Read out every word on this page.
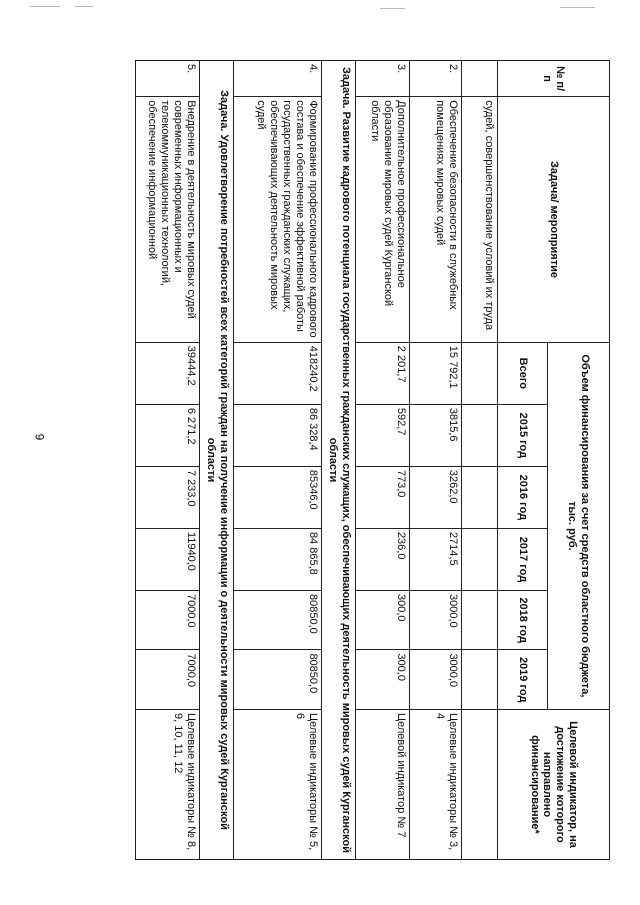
9
№ п/п	Задача/ мероприятие	Объем финансирования за счет средств областного бюджета, тыс. руб.						Целевой индикатор, на достижение которого направлено финансирование*
		Всего	2015 год	2016 год	2017 год	2018 год	2019 год	
	судей, совершенствование условий их труда							
2.	Обеспечение безопасности в служебных помещениях мировых судей	15 792,1	3815,6	3262,0	2714,5	3000,0	3000,0	Целевые индикаторы № 3, 4
3.	Дополнительное профессиональное образование мировых судей Курганской области	2 201,7	592,7	773,0	236,0	300,0	300,0	Целевой индикатор № 7
Задача. Развитие кадрового потенциала государственных гражданских служащих, обеспечивающих деятельность мировых судей Курганской области								
4.	Формирование профессионального кадрового состава и обеспечение эффективной работы государственных гражданских служащих, обеспечивающих деятельность мировых судей	418240,2	86 328,4	85346,0	84 865,8	80850,0	80850,0	Целевые индикаторы № 5, 6
Задача. Удовлетворение потребностей всех категорий граждан на получение информации о деятельности мировых судей Курганской области								
5.	Внедрение в деятельность мировых судей современных информационных и телекоммуникационных технологий, обеспечение информационной	39444,2	6 271,2	7 233,0	11940,0	7000,0	7000,0	Целевые индикаторы № 8, 9, 10, 11, 12
